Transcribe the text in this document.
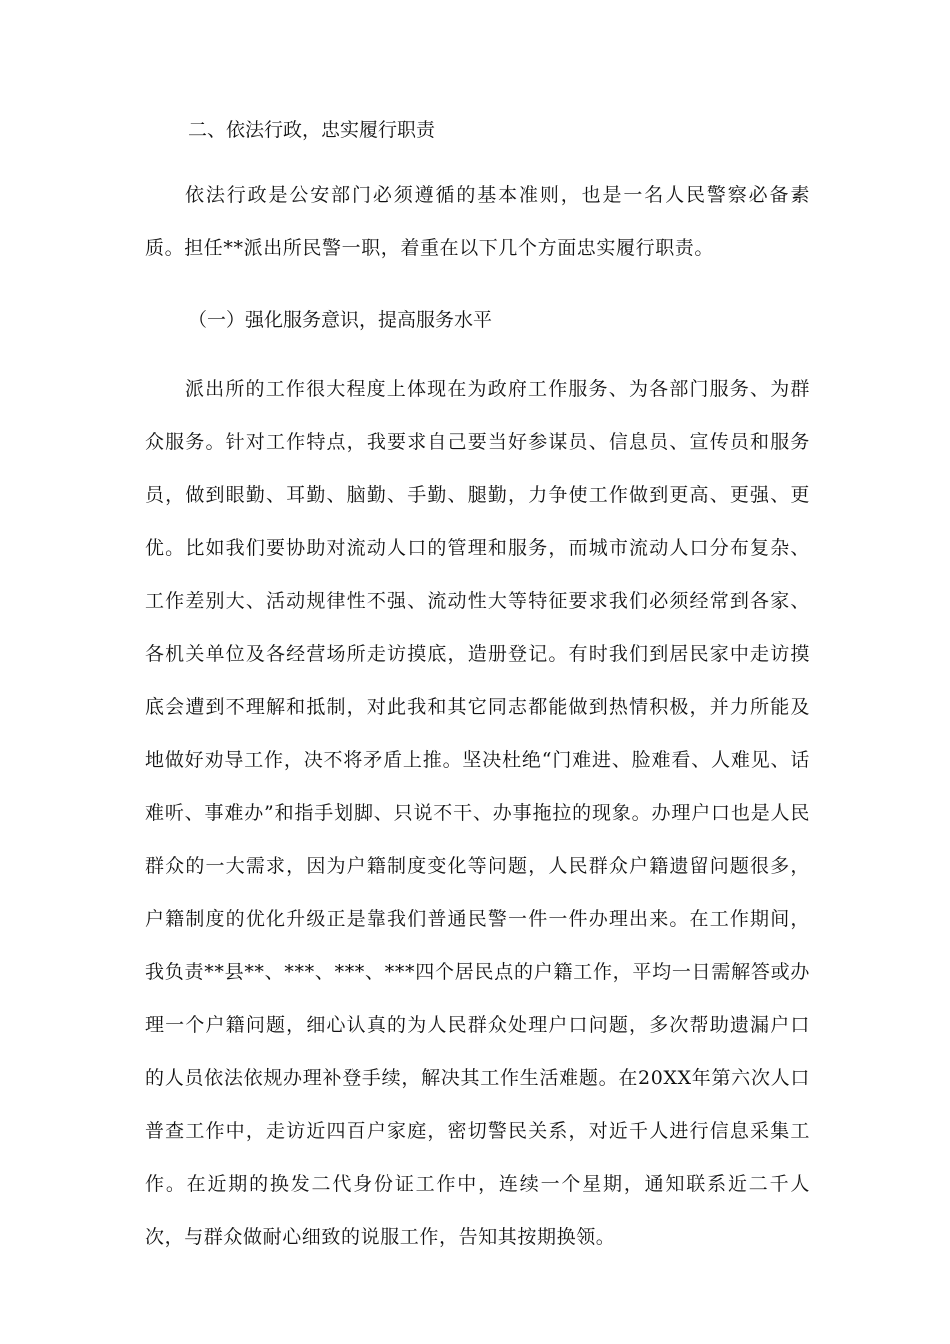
二、依法行政，忠实履行职责
依法行政是公安部门必须遵循的基本准则，也是一名人民警察必备素质。担任**派出所民警一职，着重在以下几个方面忠实履行职责。
（一）强化服务意识，提高服务水平
派出所的工作很大程度上体现在为政府工作服务、为各部门服务、为群众服务。针对工作特点，我要求自己要当好参谋员、信息员、宣传员和服务员，做到眼勤、耳勤、脑勤、手勤、腿勤，力争使工作做到更高、更强、更优。比如我们要协助对流动人口的管理和服务，而城市流动人口分布复杂、工作差别大、活动规律性不强、流动性大等特征要求我们必须经常到各家、各机关单位及各经营场所走访摸底，造册登记。有时我们到居民家中走访摸底会遭到不理解和抵制，对此我和其它同志都能做到热情积极，并力所能及地做好劝导工作，决不将矛盾上推。坚决杜绝“门难进、脸难看、人难见、话难听、事难办”和指手划脚、只说不干、办事拖拉的现象。办理户口也是人民群众的一大需求，因为户籍制度变化等问题，人民群众户籍遗留问题很多，户籍制度的优化升级正是靠我们普通民警一件一件办理出来。在工作期间，我负责**县**、***、***、***四个居民点的户籍工作，平均一日需解答或办理一个户籍问题，细心认真的为人民群众处理户口问题，多次帮助遗漏户口的人员依法依规办理补登手续，解决其工作生活难题。在20XX年第六次人口普查工作中，走访近四百户家庭，密切警民关系，对近千人进行信息采集工作。在近期的换发二代身份证工作中，连续一个星期，通知联系近二千人次，与群众做耐心细致的说服工作，告知其按期换领。
